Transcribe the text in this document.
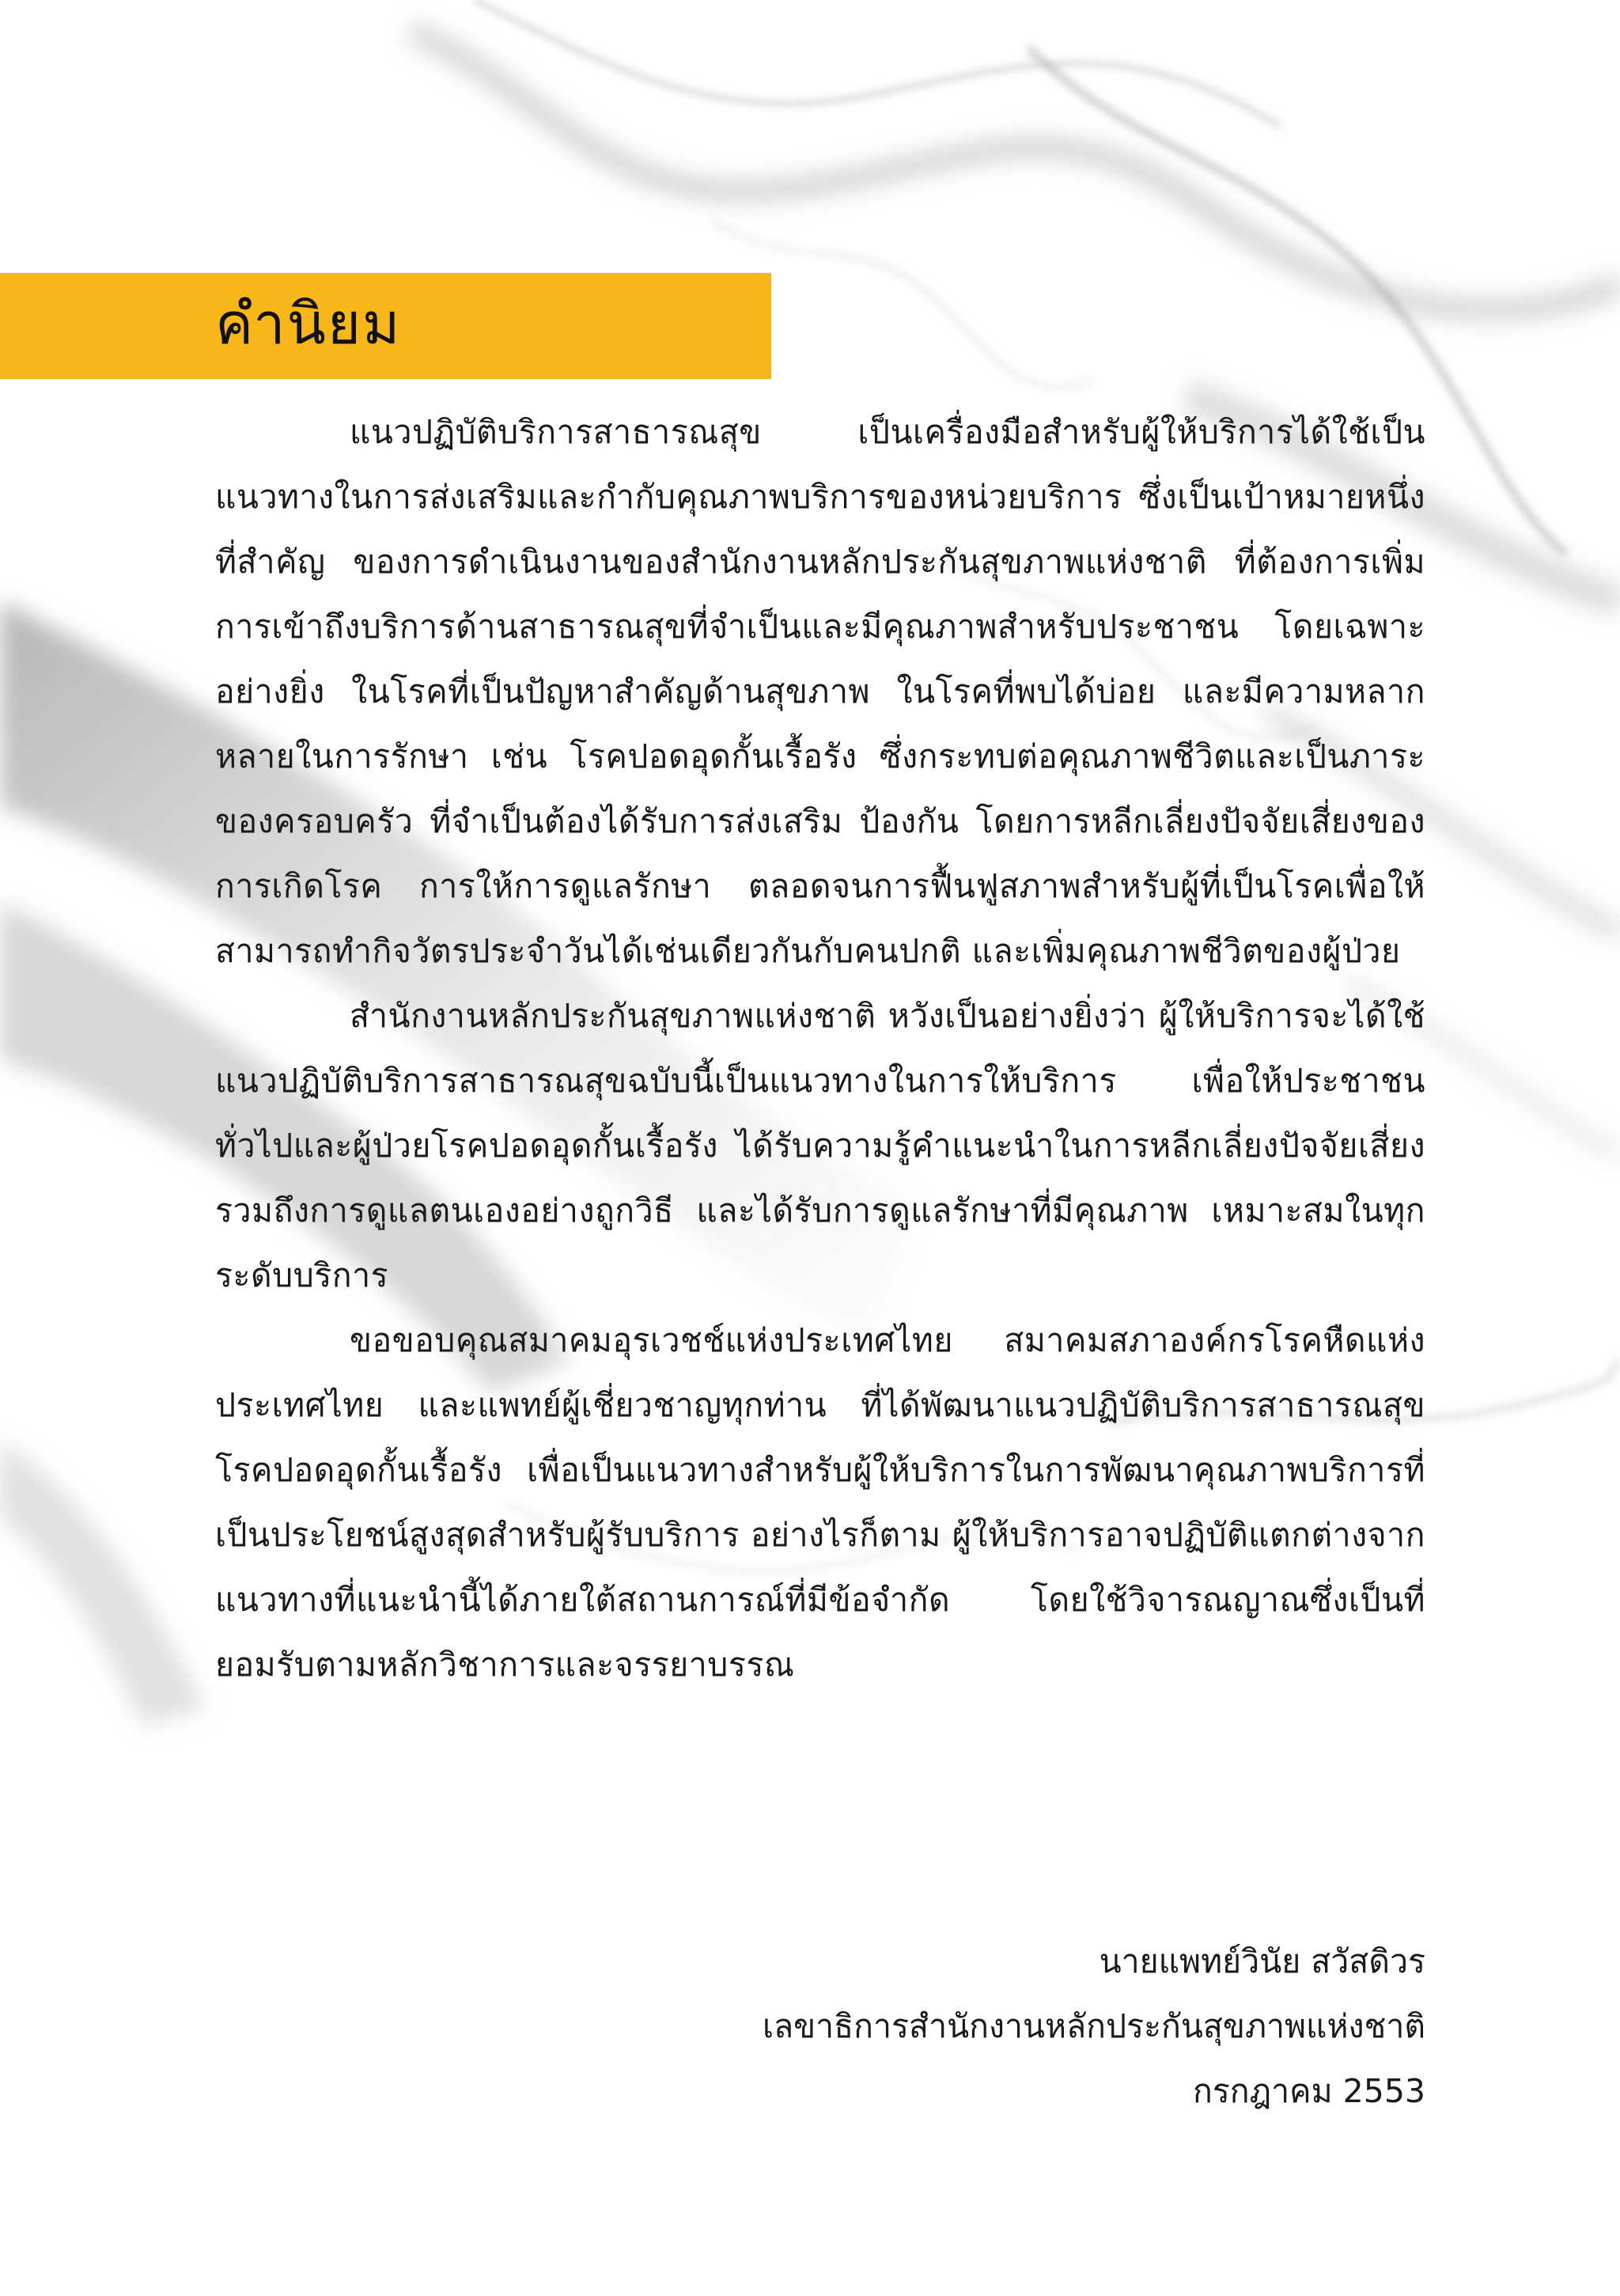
คำนิยม

แนวปฏิบัติบริการสาธารณสุข เป็นเครื่องมือสำหรับผู้ให้บริการได้ใช้เป็นแนวทางในการส่งเสริมและกำกับคุณภาพบริการของหน่วยบริการ ซึ่งเป็นเป้าหมายหนึ่งที่สำคัญ ของการดำเนินงานของสำนักงานหลักประกันสุขภาพแห่งชาติ ที่ต้องการเพิ่มการเข้าถึงบริการด้านสาธารณสุขที่จำเป็นและมีคุณภาพสำหรับประชาชน โดยเฉพาะอย่างยิ่ง ในโรคที่เป็นปัญหาสำคัญด้านสุขภาพ ในโรคที่พบได้บ่อย และมีความหลากหลายในการรักษา เช่น โรคปอดอุดกั้นเรื้อรัง ซึ่งกระทบต่อคุณภาพชีวิตและเป็นภาระของครอบครัว ที่จำเป็นต้องได้รับการส่งเสริม ป้องกัน โดยการหลีกเลี่ยงปัจจัยเสี่ยงของการเกิดโรค การให้การดูแลรักษา ตลอดจนการฟื้นฟูสภาพสำหรับผู้ที่เป็นโรคเพื่อให้สามารถทำกิจวัตรประจำวันได้เช่นเดียวกันกับคนปกติ และเพิ่มคุณภาพชีวิตของผู้ป่วย

สำนักงานหลักประกันสุขภาพแห่งชาติ หวังเป็นอย่างยิ่งว่า ผู้ให้บริการจะได้ใช้แนวปฏิบัติบริการสาธารณสุขฉบับนี้เป็นแนวทางในการให้บริการ เพื่อให้ประชาชนทั่วไปและผู้ป่วยโรคปอดอุดกั้นเรื้อรัง ได้รับความรู้คำแนะนำในการหลีกเลี่ยงปัจจัยเสี่ยง รวมถึงการดูแลตนเองอย่างถูกวิธี และได้รับการดูแลรักษาที่มีคุณภาพ เหมาะสมในทุกระดับบริการ

ขอขอบคุณสมาคมอุรเวชช์แห่งประเทศไทย สมาคมสภาองค์กรโรคหืดแห่งประเทศไทย และแพทย์ผู้เชี่ยวชาญทุกท่าน ที่ได้พัฒนาแนวปฏิบัติบริการสาธารณสุขโรคปอดอุดกั้นเรื้อรัง เพื่อเป็นแนวทางสำหรับผู้ให้บริการในการพัฒนาคุณภาพบริการที่เป็นประโยชน์สูงสุดสำหรับผู้รับบริการ อย่างไรก็ตาม ผู้ให้บริการอาจปฏิบัติแตกต่างจากแนวทางที่แนะนำนี้ได้ภายใต้สถานการณ์ที่มีข้อจำกัด โดยใช้วิจารณญาณซึ่งเป็นที่ยอมรับตามหลักวิชาการและจรรยาบรรณ

นายแพทย์วินัย สวัสดิวร
เลขาธิการสำนักงานหลักประกันสุขภาพแห่งชาติ
กรกฎาคม 2553
